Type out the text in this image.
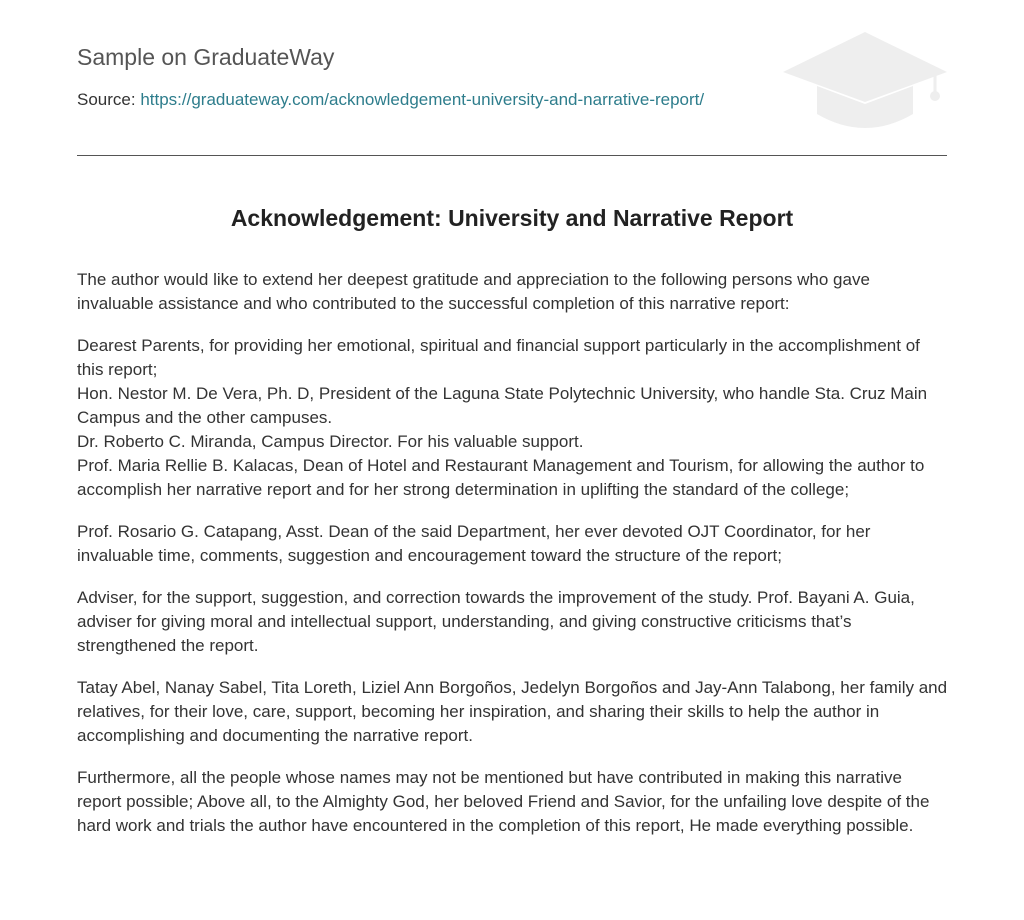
Sample on GraduateWay
Source: https://graduateway.com/acknowledgement-university-and-narrative-report/
Acknowledgement: University and Narrative Report

The author would like to extend her deepest gratitude and appreciation to the following persons who gave invaluable assistance and who contributed to the successful completion of this narrative report:

Dearest Parents, for providing her emotional, spiritual and financial support particularly in the accomplishment of this report;

Hon. Nestor M. De Vera, Ph. D, President of the Laguna State Polytechnic University, who handle Sta. Cruz Main Campus and the other campuses.

Dr. Roberto C. Miranda, Campus Director. For his valuable support.

Prof. Maria Rellie B. Kalacas, Dean of Hotel and Restaurant Management and Tourism, for allowing the author to accomplish her narrative report and for her strong determination in uplifting the standard of the college;

Prof. Rosario G. Catapang, Asst. Dean of the said Department, her ever devoted OJT Coordinator, for her invaluable time, comments, suggestion and encouragement toward the structure of the report;

Adviser, for the support, suggestion, and correction towards the improvement of the study. Prof. Bayani A. Guia, adviser for giving moral and intellectual support, understanding, and giving constructive criticisms that’s strengthened the report.

Tatay Abel, Nanay Sabel, Tita Loreth, Liziel Ann Borgoños, Jedelyn Borgoños and Jay-Ann Talabong, her family and relatives, for their love, care, support, becoming her inspiration, and sharing their skills to help the author in accomplishing and documenting the narrative report.

Furthermore, all the people whose names may not be mentioned but have contributed in making this narrative report possible; Above all, to the Almighty God, her beloved Friend and Savior, for the unfailing love despite of the hard work and trials the author have encountered in the completion of this report, He made everything possible.
